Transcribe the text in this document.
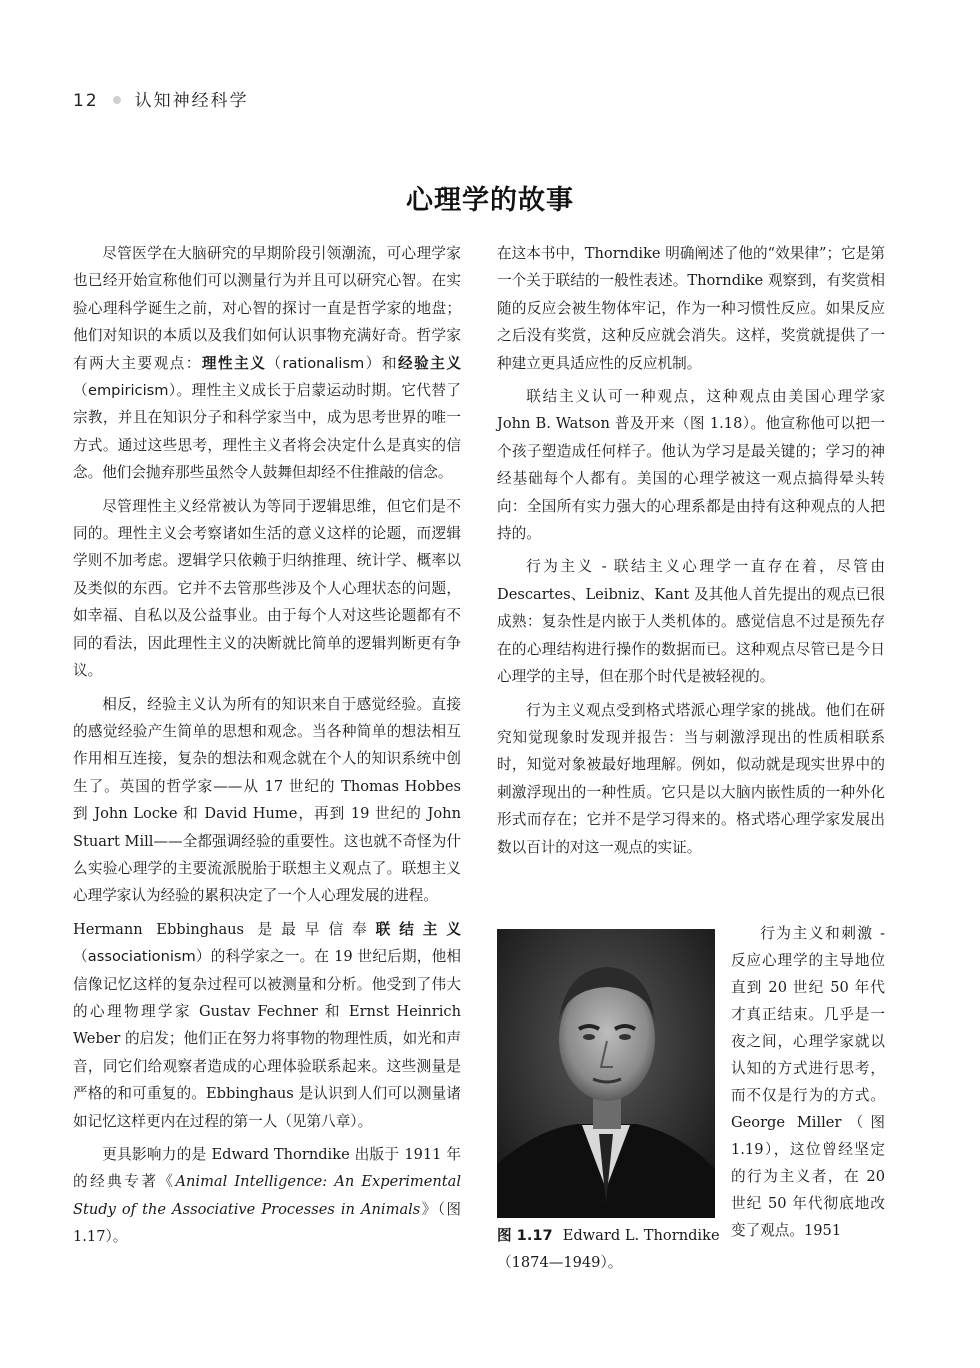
12 认知神经科学
心理学的故事

尽管医学在大脑研究的早期阶段引领潮流，可心理学家也已经开始宣称他们可以测量行为并且可以研究心智。在实验心理科学诞生之前，对心智的探讨一直是哲学家的地盘；他们对知识的本质以及我们如何认识事物充满好奇。哲学家有两大主要观点：理性主义（rationalism）和经验主义（empiricism）。理性主义成长于启蒙运动时期。它代替了宗教，并且在知识分子和科学家当中，成为思考世界的唯一方式。通过这些思考，理性主义者将会决定什么是真实的信念。他们会抛弃那些虽然令人鼓舞但却经不住推敲的信念。

尽管理性主义经常被认为等同于逻辑思维，但它们是不同的。理性主义会考察诸如生活的意义这样的论题，而逻辑学则不加考虑。逻辑学只依赖于归纳推理、统计学、概率以及类似的东西。它并不去管那些涉及个人心理状态的问题，如幸福、自私以及公益事业。由于每个人对这些论题都有不同的看法，因此理性主义的决断就比简单的逻辑判断更有争议。

相反，经验主义认为所有的知识来自于感觉经验。直接的感觉经验产生简单的思想和观念。当各种简单的想法相互作用相互连接，复杂的想法和观念就在个人的知识系统中创生了。英国的哲学家——从 17 世纪的 Thomas Hobbes 到 John Locke 和 David Hume，再到 19 世纪的 John Stuart Mill——全都强调经验的重要性。这也就不奇怪为什么实验心理学的主要流派脱胎于联想主义观点了。联想主义心理学家认为经验的累积决定了一个人心理发展的进程。

Hermann Ebbinghaus 是最早信奉联结主义（associationism）的科学家之一。在 19 世纪后期，他相信像记忆这样的复杂过程可以被测量和分析。他受到了伟大的心理物理学家 Gustav Fechner 和 Ernst Heinrich Weber 的启发；他们正在努力将事物的物理性质，如光和声音，同它们给观察者造成的心理体验联系起来。这些测量是严格的和可重复的。Ebbinghaus 是认识到人们可以测量诸如记忆这样更内在过程的第一人（见第八章）。

更具影响力的是 Edward Thorndike 出版于 1911 年的经典专著《Animal Intelligence: An Experimental Study of the Associative Processes in Animals》（图 1.17）。

在这本书中，Thorndike 明确阐述了他的“效果律”；它是第一个关于联结的一般性表述。Thorndike 观察到，有奖赏相随的反应会被生物体牢记，作为一种习惯性反应。如果反应之后没有奖赏，这种反应就会消失。这样，奖赏就提供了一种建立更具适应性的反应机制。

联结主义认可一种观点，这种观点由美国心理学家 John B. Watson 普及开来（图 1.18）。他宣称他可以把一个孩子塑造成任何样子。他认为学习是最关键的；学习的神经基础每个人都有。美国的心理学被这一观点搞得晕头转向：全国所有实力强大的心理系都是由持有这种观点的人把持的。

行为主义 - 联结主义心理学一直存在着，尽管由 Descartes、Leibniz、Kant 及其他人首先提出的观点已很成熟：复杂性是内嵌于人类机体的。感觉信息不过是预先存在的心理结构进行操作的数据而已。这种观点尽管已是今日心理学的主导，但在那个时代是被轻视的。

行为主义观点受到格式塔派心理学家的挑战。他们在研究知觉现象时发现并报告：当与刺激浮现出的性质相联系时，知觉对象被最好地理解。例如，似动就是现实世界中的刺激浮现出的一种性质。它只是以大脑内嵌性质的一种外化形式而存在；它并不是学习得来的。格式塔心理学家发展出数以百计的对这一观点的实证。

图 1.17 Edward L. Thorndike（1874—1949）。

行为主义和刺激 - 反应心理学的主导地位直到 20 世纪 50 年代才真正结束。几乎是一夜之间，心理学家就以认知的方式进行思考，而不仅是行为的方式。George Miller（图 1.19），这位曾经坚定的行为主义者，在 20 世纪 50 年代彻底地改变了观点。1951
